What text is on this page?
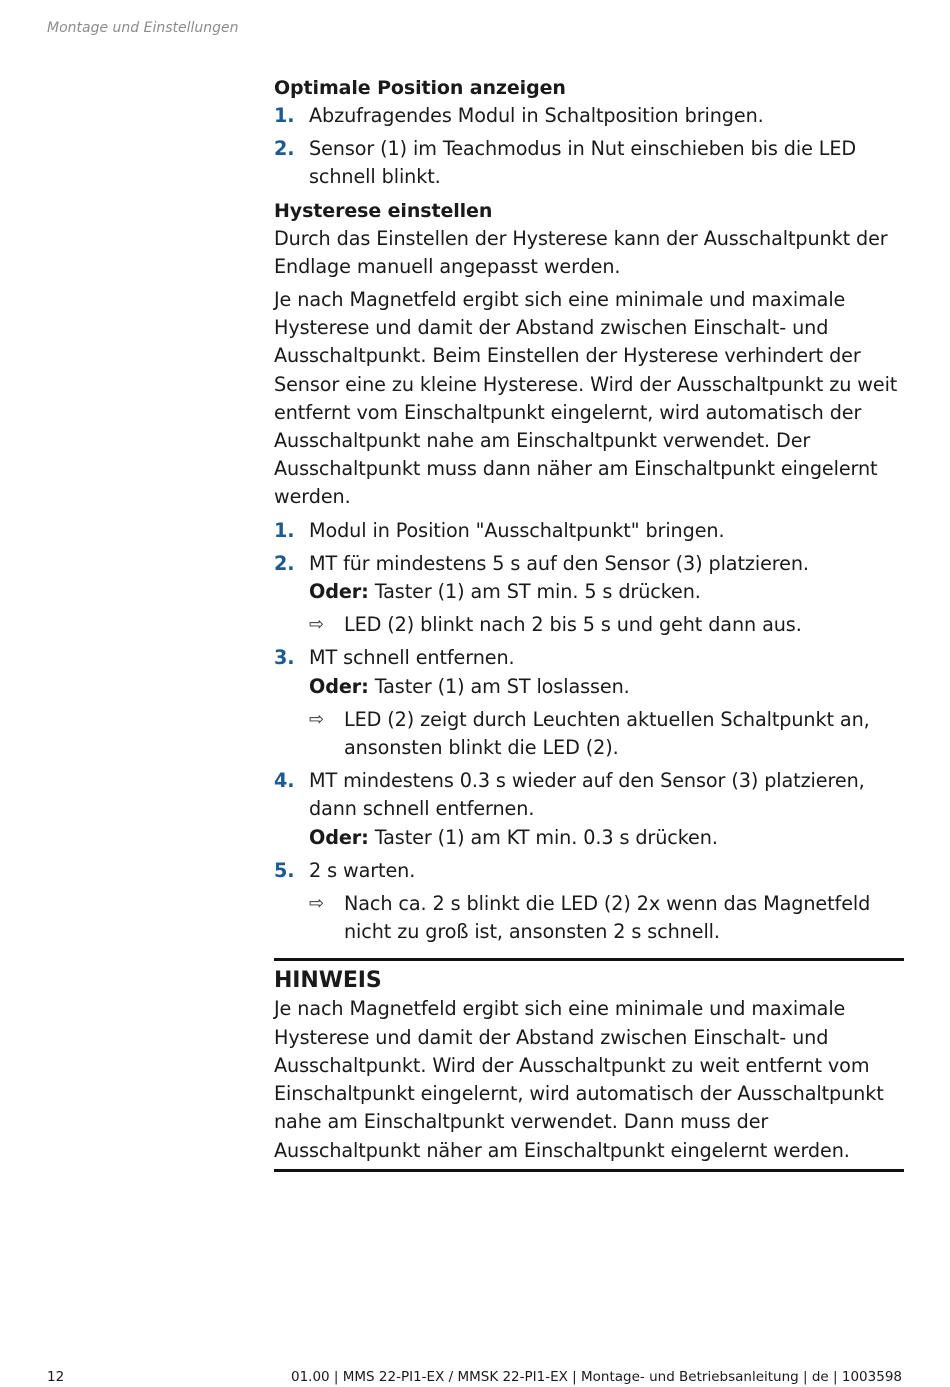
Montage und Einstellungen
Optimale Position anzeigen
1. Abzufragendes Modul in Schaltposition bringen.
2. Sensor (1) im Teachmodus in Nut einschieben bis die LED schnell blinkt.
Hysterese einstellen

Durch das Einstellen der Hysterese kann der Ausschaltpunkt der Endlage manuell angepasst werden.

Je nach Magnetfeld ergibt sich eine minimale und maximale Hysterese und damit der Abstand zwischen Einschalt- und Ausschaltpunkt. Beim Einstellen der Hysterese verhindert der Sensor eine zu kleine Hysterese. Wird der Ausschaltpunkt zu weit entfernt vom Einschaltpunkt eingelernt, wird automatisch der Ausschaltpunkt nahe am Einschaltpunkt verwendet. Der Ausschaltpunkt muss dann näher am Einschaltpunkt eingelernt werden.

1. Modul in Position "Ausschaltpunkt" bringen.
2. MT für mindestens 5 s auf den Sensor (3) platzieren.
Oder: Taster (1) am ST min. 5 s drücken.
⇨ LED (2) blinkt nach 2 bis 5 s und geht dann aus.
3. MT schnell entfernen.
Oder: Taster (1) am ST loslassen.
⇨ LED (2) zeigt durch Leuchten aktuellen Schaltpunkt an, ansonsten blinkt die LED (2).
4. MT mindestens 0.3 s wieder auf den Sensor (3) platzieren, dann schnell entfernen.
Oder: Taster (1) am KT min. 0.3 s drücken.
5. 2 s warten.
⇨ Nach ca. 2 s blinkt die LED (2) 2x wenn das Magnetfeld nicht zu groß ist, ansonsten 2 s schnell.
HINWEIS

Je nach Magnetfeld ergibt sich eine minimale und maximale Hysterese und damit der Abstand zwischen Einschalt- und Ausschaltpunkt. Wird der Ausschaltpunkt zu weit entfernt vom Einschaltpunkt eingelernt, wird automatisch der Ausschaltpunkt nahe am Einschaltpunkt verwendet. Dann muss der Ausschaltpunkt näher am Einschaltpunkt eingelernt werden.

12	01.00 | MMS 22-PI1-EX / MMSK 22-PI1-EX | Montage- und Betriebsanleitung | de | 1003598
